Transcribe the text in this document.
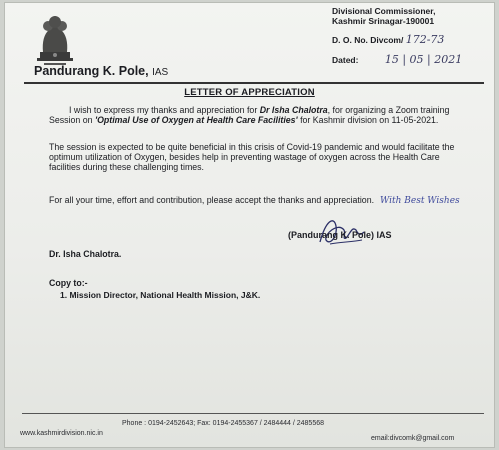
Divisional Commissioner,
Kashmir Srinagar-190001
D. O. No. Divcom/ 172-73
Dated: 15 | 05 | 2021
Pandurang K. Pole, IAS
LETTER OF APPRECIATION
I wish to express my thanks and appreciation for Dr Isha Chalotra, for organizing a Zoom training Session on 'Optimal Use of Oxygen at Health Care Facilities' for Kashmir division on 11-05-2021.
The session is expected to be quite beneficial in this crisis of Covid-19 pandemic and would facilitate the optimum utilization of Oxygen, besides help in preventing wastage of oxygen across the Health Care facilities during these challenging times.
For all your time, effort and contribution, please accept the thanks and appreciation. With Best Wishes
(Pandurang K. Pole) IAS
Dr. Isha Chalotra.
Copy to:-
1. Mission Director, National Health Mission, J&K.
Phone : 0194-2452643; Fax: 0194-2455367 / 2484444 / 2485568
www.kashmirdivision.nic.in
email:divcomk@gmail.com
